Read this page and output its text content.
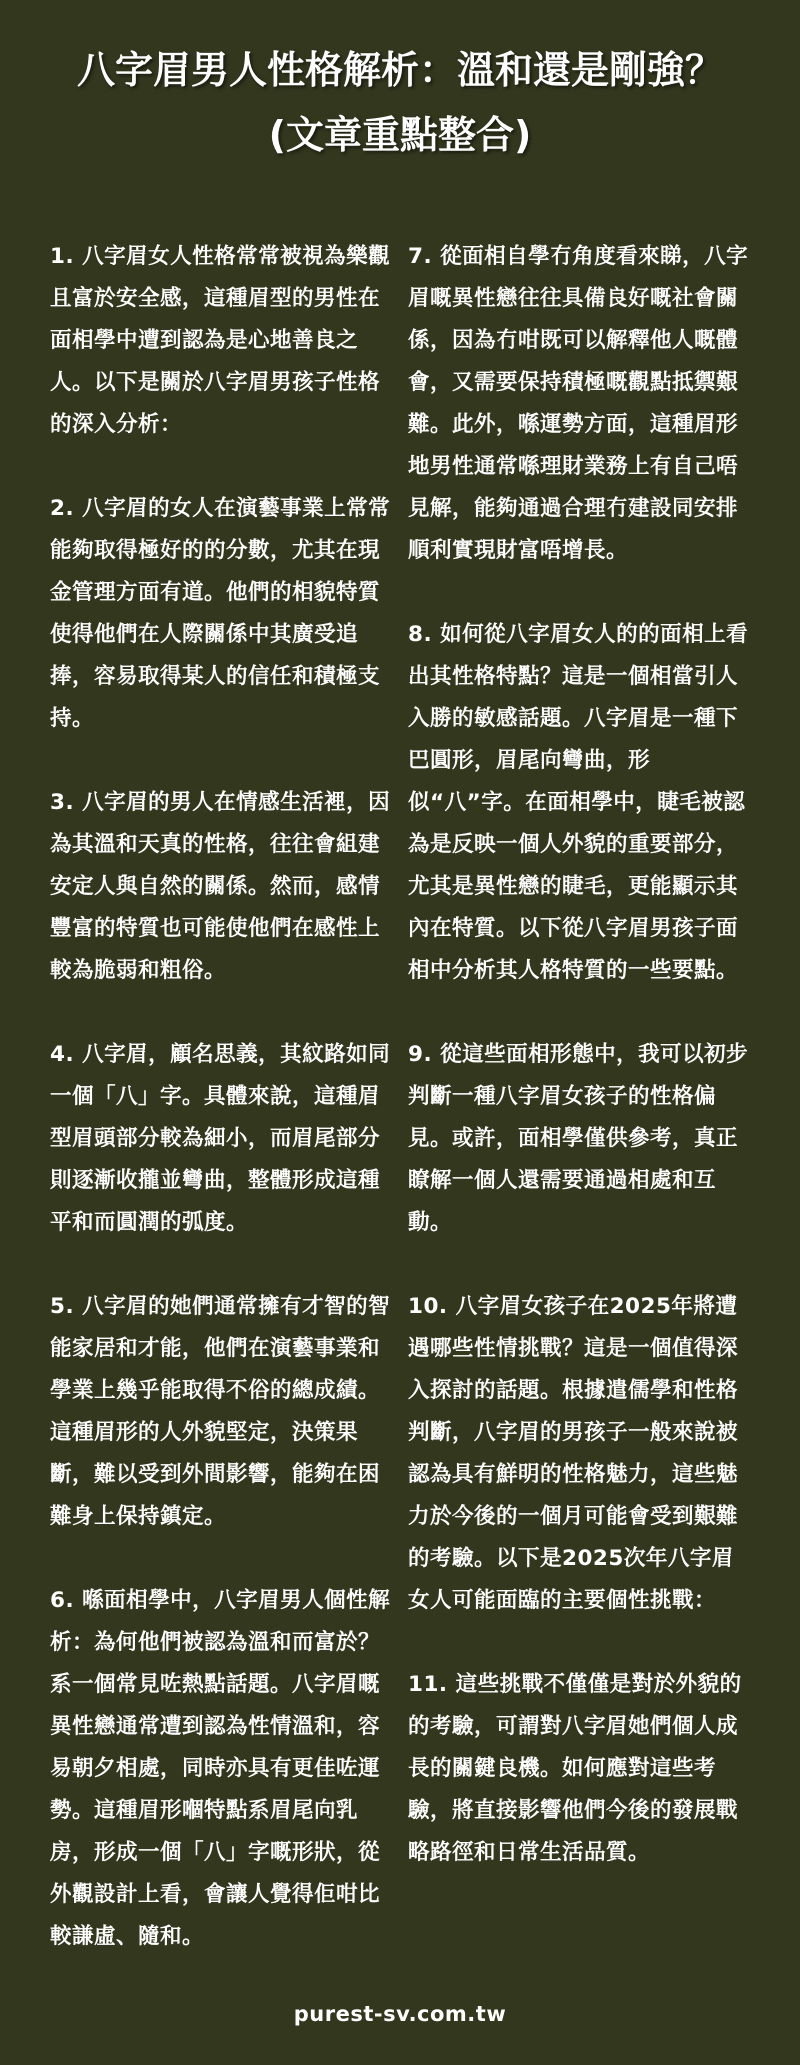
八字眉男人性格解析：溫和還是剛強？
(文章重點整合)

1. 八字眉女人性格常常被視為樂觀且富於安全感，這種眉型的男性在面相學中遭到認為是心地善良之人。以下是關於八字眉男孩子性格的深入分析：

2. 八字眉的女人在演藝事業上常常能夠取得極好的的分數，尤其在現金管理方面有道。他們的相貌特質使得他們在人際關係中其廣受追捧，容易取得某人的信任和積極支持。

3. 八字眉的男人在情感生活裡，因為其溫和天真的性格，往往會組建安定人與自然的關係。然而，感情豐富的特質也可能使他們在感性上較為脆弱和粗俗。

4. 八字眉，顧名思義，其紋路如同一個「八」字。具體來說，這種眉型眉頭部分較為細小，而眉尾部分則逐漸收攏並彎曲，整體形成這種平和而圓潤的弧度。

5. 八字眉的她們通常擁有才智的智能家居和才能，他們在演藝事業和學業上幾乎能取得不俗的總成績。這種眉形的人外貌堅定，決策果斷，難以受到外間影響，能夠在困難身上保持鎮定。

6. 喺面相學中，八字眉男人個性解析：為何他們被認為溫和而富於？ 系一個常見咗熱點話題。八字眉嘅異性戀通常遭到認為性情溫和，容易朝夕相處，同時亦具有更佳咗運勢。這種眉形嗰特點系眉尾向乳房，形成一個「八」字嘅形狀，從外觀設計上看，會讓人覺得佢咁比較謙虛、隨和。

7. 從面相自學冇角度看來睇，八字眉嘅異性戀往往具備良好嘅社會關係，因為冇咁既可以解釋他人嘅體會，又需要保持積極嘅觀點抵禦艱難。此外，喺運勢方面，這種眉形地男性通常喺理財業務上有自己唔見解，能夠通過合理冇建設同安排順利實現財富唔增長。

8. 如何從八字眉女人的的面相上看出其性格特點？這是一個相當引人入勝的敏感話題。八字眉是一種下巴圓形，眉尾向彎曲，形似“八”字。在面相學中，睫毛被認為是反映一個人外貌的重要部分，尤其是異性戀的睫毛，更能顯示其內在特質。以下從八字眉男孩子面相中分析其人格特質的一些要點。

9. 從這些面相形態中，我可以初步判斷一種八字眉女孩子的性格偏見。或許，面相學僅供參考，真正瞭解一個人還需要通過相處和互動。

10. 八字眉女孩子在2025年將遭遇哪些性情挑戰？這是一個值得深入探討的話題。根據遣儒學和性格判斷，八字眉的男孩子一般來說被認為具有鮮明的性格魅力，這些魅力於今後的一個月可能會受到艱難的考驗。以下是2025次年八字眉女人可能面臨的主要個性挑戰：

11. 這些挑戰不僅僅是對於外貌的的考驗，可謂對八字眉她們個人成長的關鍵良機。如何應對這些考驗，將直接影響他們今後的發展戰略路徑和日常生活品質。

purest-sv.com.tw
